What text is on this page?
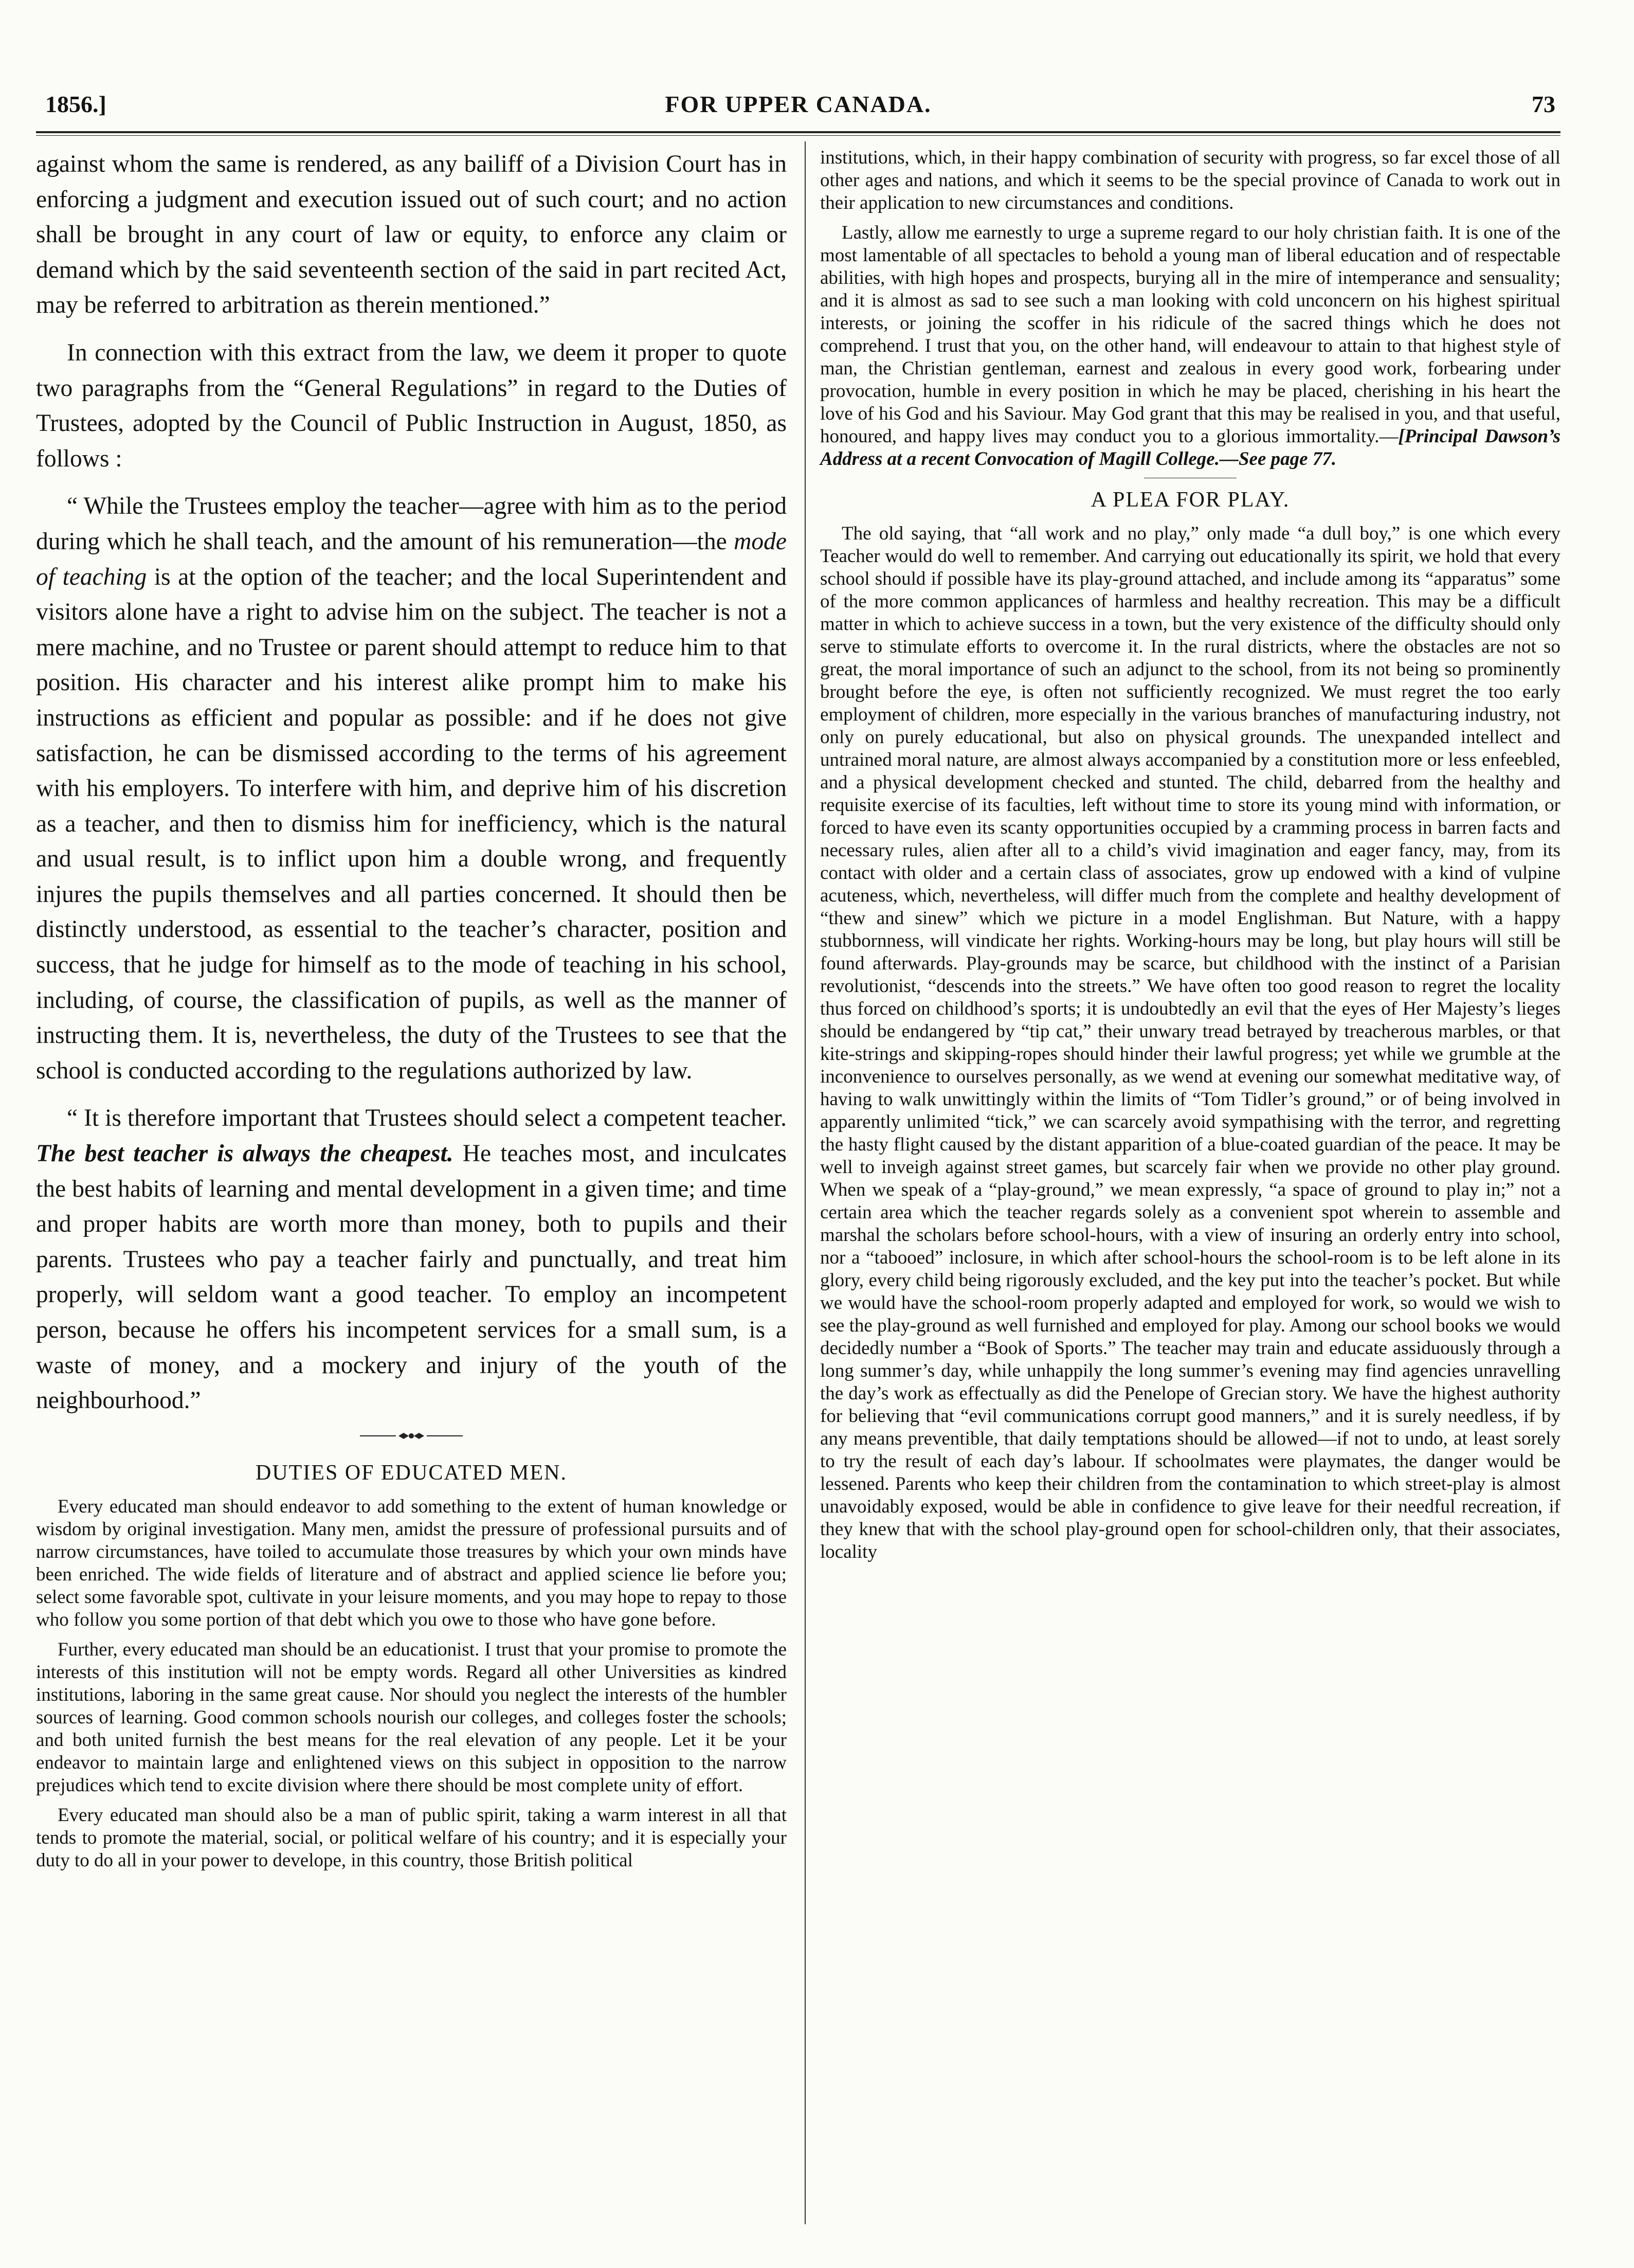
1856.]	FOR UPPER CANADA.	73

against whom the same is rendered, as any bailiff of a Division Court has in enforcing a judgment and execution issued out of such court; and no action shall be brought in any court of law or equity, to enforce any claim or demand which by the said seventeenth section of the said in part recited Act, may be referred to arbitration as therein mentioned.”

In connection with this extract from the law, we deem it proper to quote two paragraphs from the “General Regulations” in regard to the Duties of Trustees, adopted by the Council of Public Instruction in August, 1850, as follows :

“ While the Trustees employ the teacher—agree with him as to the period during which he shall teach, and the amount of his remuneration—the mode of teaching is at the option of the teacher; and the local Superintendent and visitors alone have a right to advise him on the subject. The teacher is not a mere machine, and no Trustee or parent should attempt to reduce him to that position. His character and his interest alike prompt him to make his instructions as efficient and popular as possible: and if he does not give satisfaction, he can be dismissed according to the terms of his agreement with his employers. To interfere with him, and deprive him of his discretion as a teacher, and then to dismiss him for inefficiency, which is the natural and usual result, is to inflict upon him a double wrong, and frequently injures the pupils themselves and all parties concerned. It should then be distinctly understood, as essential to the teacher’s character, position and success, that he judge for himself as to the mode of teaching in his school, including, of course, the classification of pupils, as well as the manner of instructing them. It is, nevertheless, the duty of the Trustees to see that the school is conducted according to the regulations authorized by law.

“ It is therefore important that Trustees should select a competent teacher. The best teacher is always the cheapest. He teaches most, and inculcates the best habits of learning and mental development in a given time; and time and proper habits are worth more than money, both to pupils and their parents. Trustees who pay a teacher fairly and punctually, and treat him properly, will seldom want a good teacher. To employ an incompetent person, because he offers his incompetent services for a small sum, is a waste of money, and a mockery and injury of the youth of the neighbourhood.”

DUTIES OF EDUCATED MEN.

Every educated man should endeavor to add something to the extent of human knowledge or wisdom by original investigation. Many men, amidst the pressure of professional pursuits and of narrow circumstances, have toiled to accumulate those treasures by which your own minds have been enriched. The wide fields of literature and of abstract and applied science lie before you; select some favorable spot, cultivate in your leisure moments, and you may hope to repay to those who follow you some portion of that debt which you owe to those who have gone before.

Further, every educated man should be an educationist. I trust that your promise to promote the interests of this institution will not be empty words. Regard all other Universities as kindred institutions, laboring in the same great cause. Nor should you neglect the interests of the humbler sources of learning. Good common schools nourish our colleges, and colleges foster the schools; and both united furnish the best means for the real elevation of any people. Let it be your endeavor to maintain large and enlightened views on this subject in opposition to the narrow prejudices which tend to excite division where there should be most complete unity of effort.

Every educated man should also be a man of public spirit, taking a warm interest in all that tends to promote the material, social, or political welfare of his country; and it is especially your duty to do all in your power to develope, in this country, those British political

institutions, which, in their happy combination of security with progress, so far excel those of all other ages and nations, and which it seems to be the special province of Canada to work out in their application to new circumstances and conditions.

Lastly, allow me earnestly to urge a supreme regard to our holy christian faith. It is one of the most lamentable of all spectacles to behold a young man of liberal education and of respectable abilities, with high hopes and prospects, burying all in the mire of intemperance and sensuality; and it is almost as sad to see such a man looking with cold unconcern on his highest spiritual interests, or joining the scoffer in his ridicule of the sacred things which he does not comprehend. I trust that you, on the other hand, will endeavour to attain to that highest style of man, the Christian gentleman, earnest and zealous in every good work, forbearing under provocation, humble in every position in which he may be placed, cherishing in his heart the love of his God and his Saviour. May God grant that this may be realised in you, and that useful, honoured, and happy lives may conduct you to a glorious immortality.—[Principal Dawson’s Address at a recent Convocation of Magill College.—See page 77.

A PLEA FOR PLAY.

The old saying, that “all work and no play,” only made “a dull boy,” is one which every Teacher would do well to remember. And carrying out educationally its spirit, we hold that every school should if possible have its play-ground attached, and include among its “apparatus” some of the more common applicances of harmless and healthy recreation. This may be a difficult matter in which to achieve success in a town, but the very existence of the difficulty should only serve to stimulate efforts to overcome it. In the rural districts, where the obstacles are not so great, the moral importance of such an adjunct to the school, from its not being so prominently brought before the eye, is often not sufficiently recognized. We must regret the too early employment of children, more especially in the various branches of manufacturing industry, not only on purely educational, but also on physical grounds. The unexpanded intellect and untrained moral nature, are almost always accompanied by a constitution more or less enfeebled, and a physical development checked and stunted. The child, debarred from the healthy and requisite exercise of its faculties, left without time to store its young mind with information, or forced to have even its scanty opportunities occupied by a cramming process in barren facts and necessary rules, alien after all to a child’s vivid imagination and eager fancy, may, from its contact with older and a certain class of associates, grow up endowed with a kind of vulpine acuteness, which, nevertheless, will differ much from the complete and healthy development of “thew and sinew” which we picture in a model Englishman. But Nature, with a happy stubbornness, will vindicate her rights. Working-hours may be long, but play hours will still be found afterwards. Play-grounds may be scarce, but childhood with the instinct of a Parisian revolutionist, “descends into the streets.” We have often too good reason to regret the locality thus forced on childhood’s sports; it is undoubtedly an evil that the eyes of Her Majesty’s lieges should be endangered by “tip cat,” their unwary tread betrayed by treacherous marbles, or that kite-strings and skipping-ropes should hinder their lawful progress; yet while we grumble at the inconvenience to ourselves personally, as we wend at evening our somewhat meditative way, of having to walk unwittingly within the limits of “Tom Tidler’s ground,” or of being involved in apparently unlimited “tick,” we can scarcely avoid sympathising with the terror, and regretting the hasty flight caused by the distant apparition of a blue-coated guardian of the peace. It may be well to inveigh against street games, but scarcely fair when we provide no other play ground. When we speak of a “play-ground,” we mean expressly, “a space of ground to play in;” not a certain area which the teacher regards solely as a convenient spot wherein to assemble and marshal the scholars before school-hours, with a view of insuring an orderly entry into school, nor a “tabooed” inclosure, in which after school-hours the school-room is to be left alone in its glory, every child being rigorously excluded, and the key put into the teacher’s pocket. But while we would have the school-room properly adapted and employed for work, so would we wish to see the play-ground as well furnished and employed for play. Among our school books we would decidedly number a “Book of Sports.” The teacher may train and educate assiduously through a long summer’s day, while unhappily the long summer’s evening may find agencies unravelling the day’s work as effectually as did the Penelope of Grecian story. We have the highest authority for believing that “evil communications corrupt good manners,” and it is surely needless, if by any means preventible, that daily temptations should be allowed—if not to undo, at least sorely to try the result of each day’s labour. If schoolmates were playmates, the danger would be lessened. Parents who keep their children from the contamination to which street-play is almost unavoidably exposed, would be able in confidence to give leave for their needful recreation, if they knew that with the school play-ground open for school-children only, that their associates, locality
